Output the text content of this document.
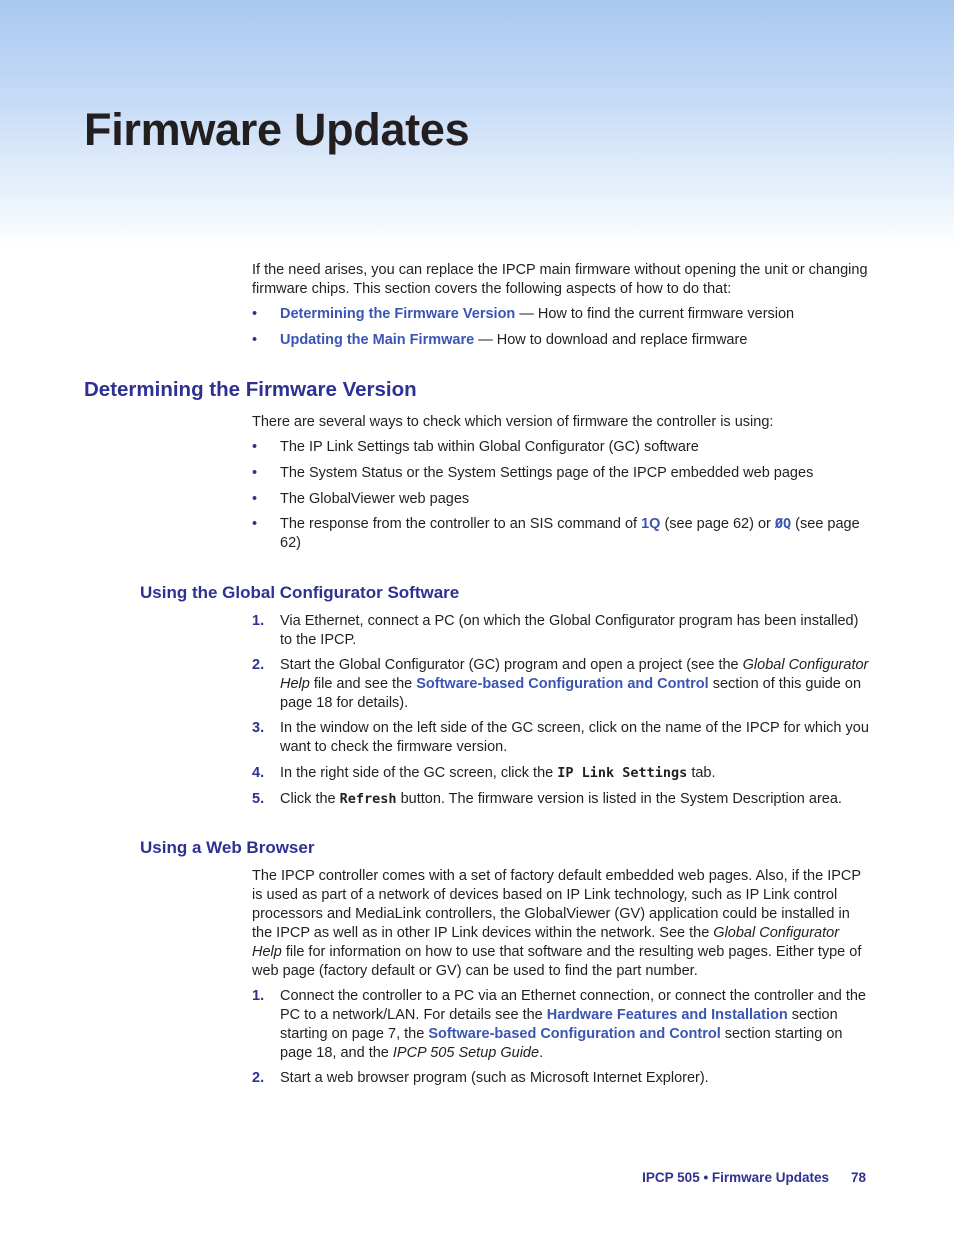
Firmware Updates

If the need arises, you can replace the IPCP main firmware without opening the unit or changing firmware chips. This section covers the following aspects of how to do that:

• Determining the Firmware Version — How to find the current firmware version
• Updating the Main Firmware — How to download and replace firmware
Determining the Firmware Version

There are several ways to check which version of firmware the controller is using:

• The IP Link Settings tab within Global Configurator (GC) software
• The System Status or the System Settings page of the IPCP embedded web pages
• The GlobalViewer web pages
• The response from the controller to an SIS command of 1Q (see page 62) or ØQ (see page 62)
Using the Global Configurator Software
1. Via Ethernet, connect a PC (on which the Global Configurator program has been installed) to the IPCP.
2. Start the Global Configurator (GC) program and open a project (see the Global Configurator Help file and see the Software-based Configuration and Control section of this guide on page 18 for details).
3. In the window on the left side of the GC screen, click on the name of the IPCP for which you want to check the firmware version.
4. In the right side of the GC screen, click the IP Link Settings tab.
5. Click the Refresh button. The firmware version is listed in the System Description area.
Using a Web Browser

The IPCP controller comes with a set of factory default embedded web pages. Also, if the IPCP is used as part of a network of devices based on IP Link technology, such as IP Link control processors and MediaLink controllers, the GlobalViewer (GV) application could be installed in the IPCP as well as in other IP Link devices within the network. See the Global Configurator Help file for information on how to use that software and the resulting web pages. Either type of web page (factory default or GV) can be used to find the part number.

1. Connect the controller to a PC via an Ethernet connection, or connect the controller and the PC to a network/LAN. For details see the Hardware Features and Installation section starting on page 7, the Software-based Configuration and Control section starting on page 18, and the IPCP 505 Setup Guide.
2. Start a web browser program (such as Microsoft Internet Explorer).
IPCP 505 • Firmware Updates 78
